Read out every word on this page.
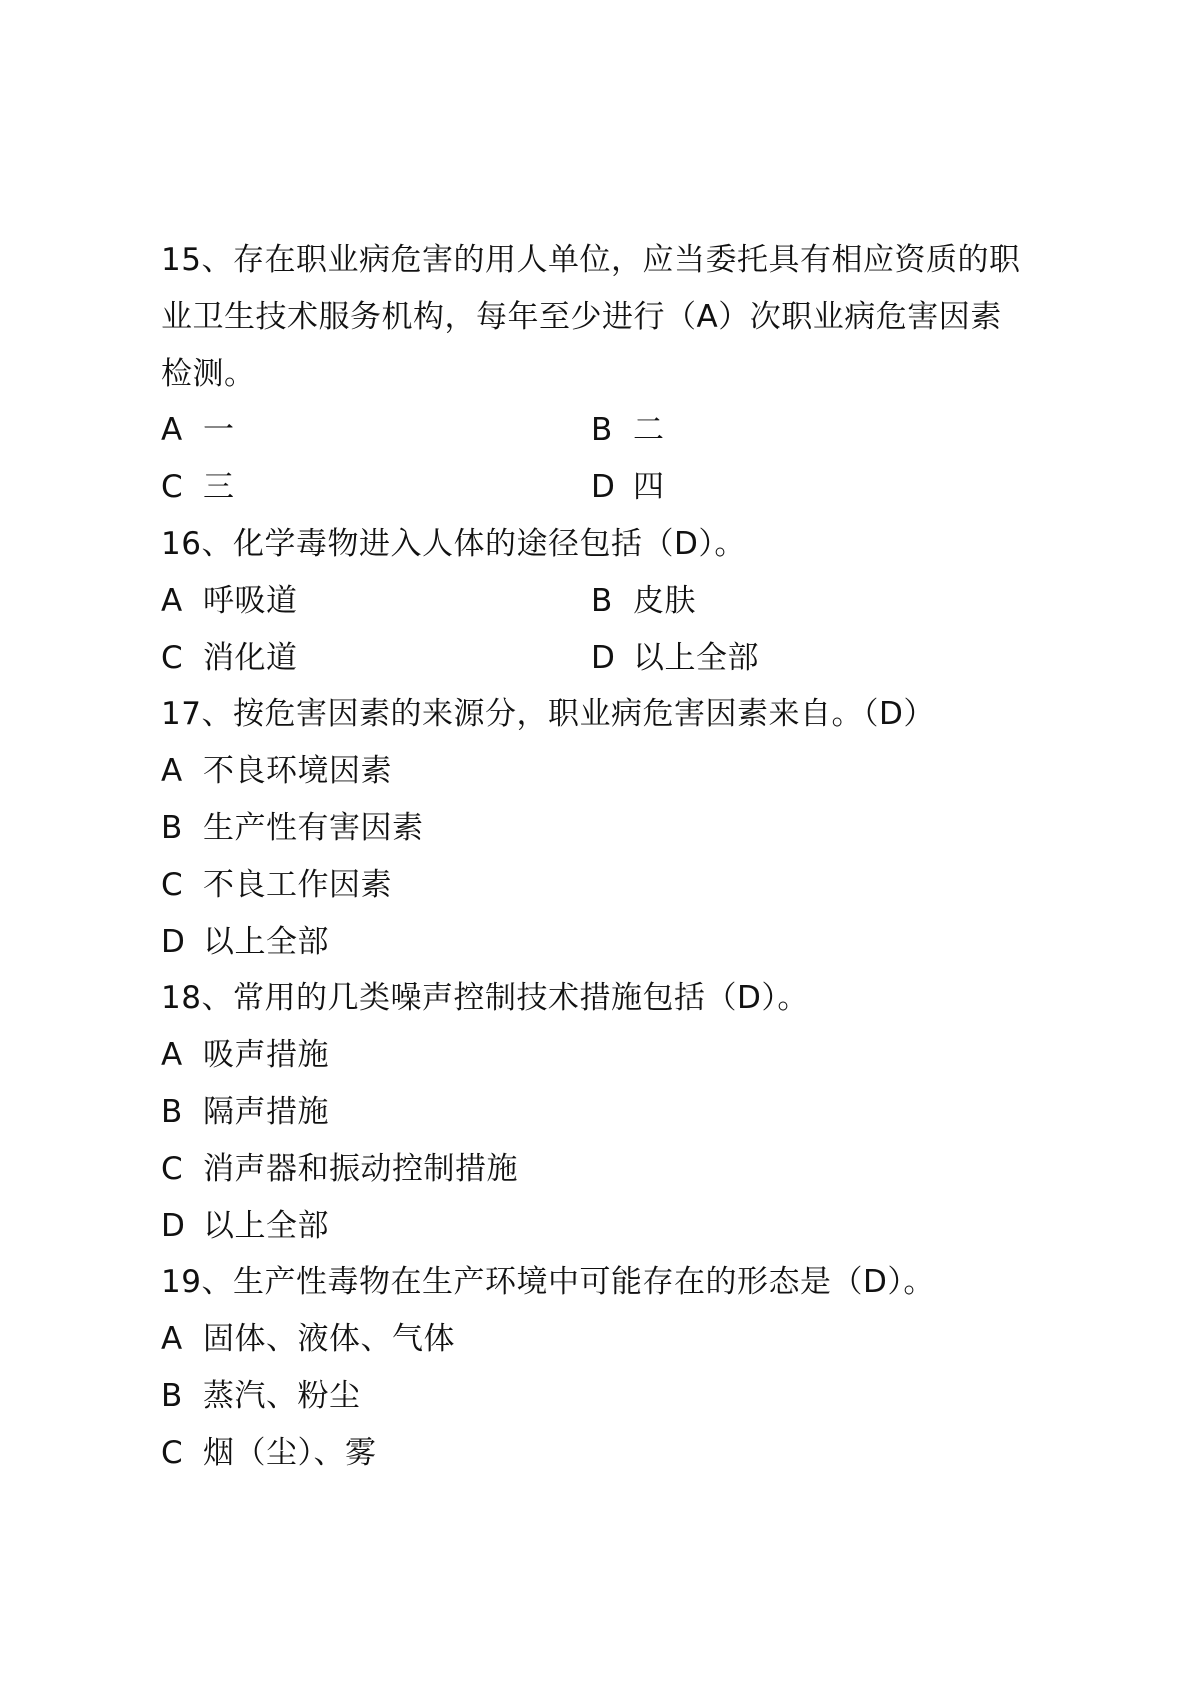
15、存在职业病危害的用人单位，应当委托具有相应资质的职
业卫生技术服务机构，每年至少进行（A）次职业病危害因素
检测。
A 一	B 二
C 三	D 四
16、化学毒物进入人体的途径包括（D）。
A 呼吸道	B 皮肤
C 消化道	D 以上全部
17、按危害因素的来源分，职业病危害因素来自。（D）
A 不良环境因素
B 生产性有害因素
C 不良工作因素
D 以上全部
18、常用的几类噪声控制技术措施包括（D）。
A 吸声措施
B 隔声措施
C 消声器和振动控制措施
D 以上全部
19、生产性毒物在生产环境中可能存在的形态是（D）。
A 固体、液体、气体
B 蒸汽、粉尘
C 烟（尘）、雾
